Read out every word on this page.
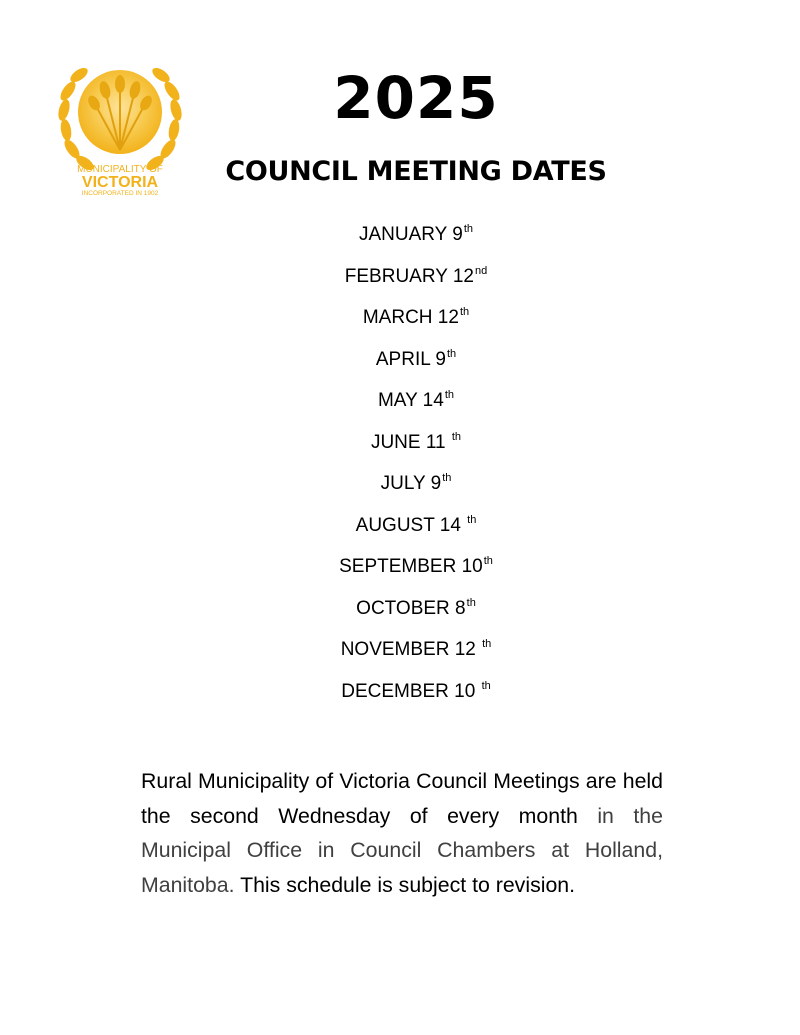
MUNICIPALITY OF
VICTORIA
INCORPORATED IN 1902
2025
COUNCIL MEETING DATES
JANUARY 9th
FEBRUARY 12nd
MARCH 12th
APRIL 9th
MAY 14th
JUNE 11 $^{th}$
JULY 9th
AUGUST 14 $^{th}$
SEPTEMBER 10th
OCTOBER 8th
NOVEMBER 12 $^{th}$
DECEMBER 10 $^{th}$

Rural Municipality of Victoria Council Meetings are held the second Wednesday of every month in the Municipal Office in Council Chambers at Holland, Manitoba. This schedule is subject to revision.
